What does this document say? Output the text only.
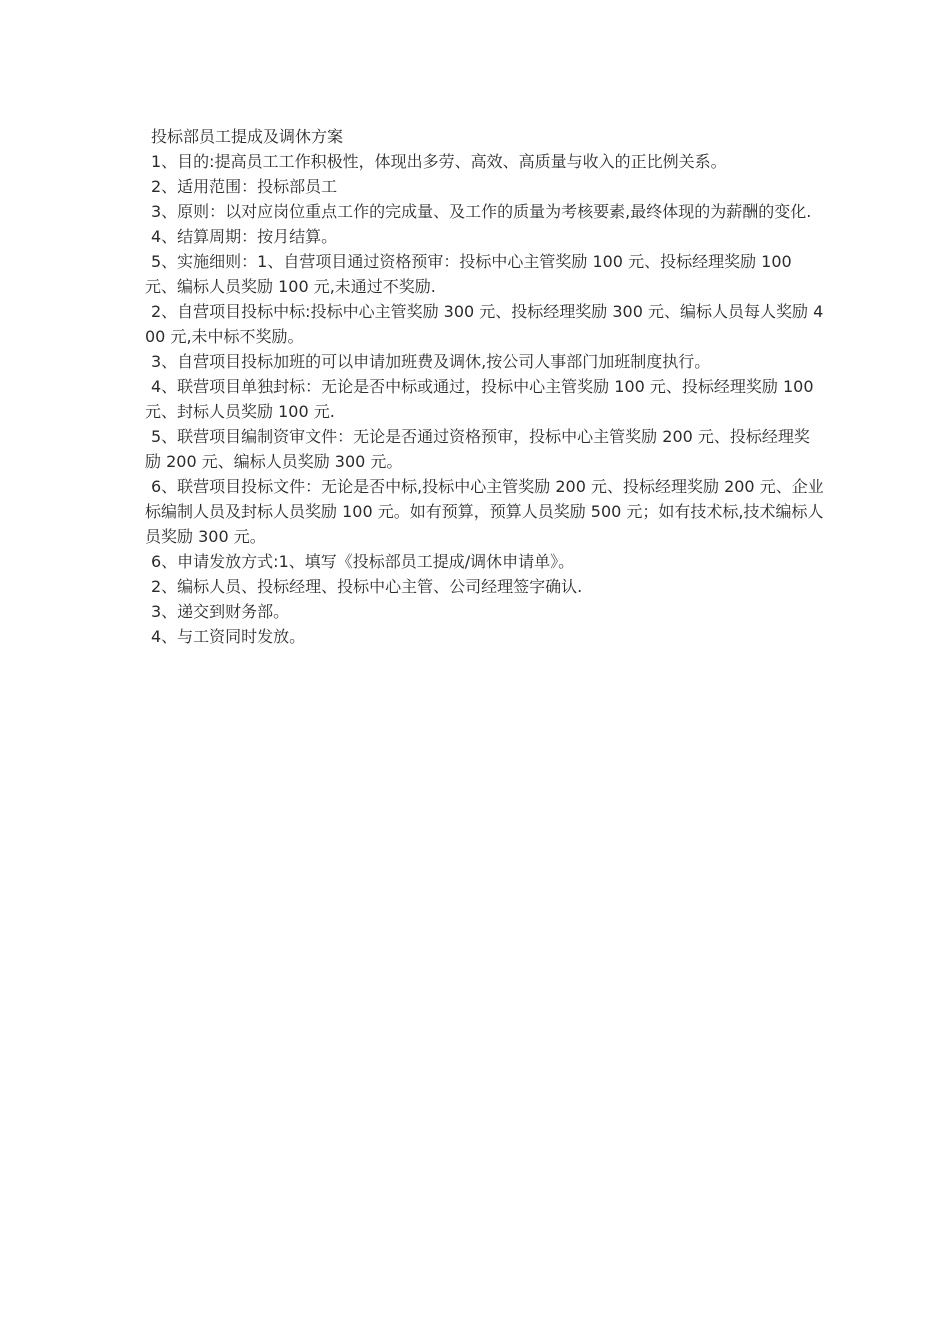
投标部员工提成及调休方案

1、目的:提高员工工作积极性，体现出多劳、高效、高质量与收入的正比例关系。

2、适用范围：投标部员工

3、原则：以对应岗位重点工作的完成量、及工作的质量为考核要素,最终体现的为薪酬的变化.

4、结算周期：按月结算。

5、实施细则：1、自营项目通过资格预审：投标中心主管奖励 100 元、投标经理奖励 100 元、编标人员奖励 100 元,未通过不奖励.

2、自营项目投标中标:投标中心主管奖励 300 元、投标经理奖励 300 元、编标人员每人奖励 400 元,未中标不奖励。

3、自营项目投标加班的可以申请加班费及调休,按公司人事部门加班制度执行。

4、联营项目单独封标：无论是否中标或通过，投标中心主管奖励 100 元、投标经理奖励 100 元、封标人员奖励 100 元.

5、联营项目编制资审文件：无论是否通过资格预审，投标中心主管奖励 200 元、投标经理奖励 200 元、编标人员奖励 300 元。

6、联营项目投标文件：无论是否中标,投标中心主管奖励 200 元、投标经理奖励 200 元、企业标编制人员及封标人员奖励 100 元。如有预算，预算人员奖励 500 元；如有技术标,技术编标人员奖励 300 元。

6、申请发放方式:1、填写《投标部员工提成/调休申请单》。

2、编标人员、投标经理、投标中心主管、公司经理签字确认.

3、递交到财务部。

4、与工资同时发放。
